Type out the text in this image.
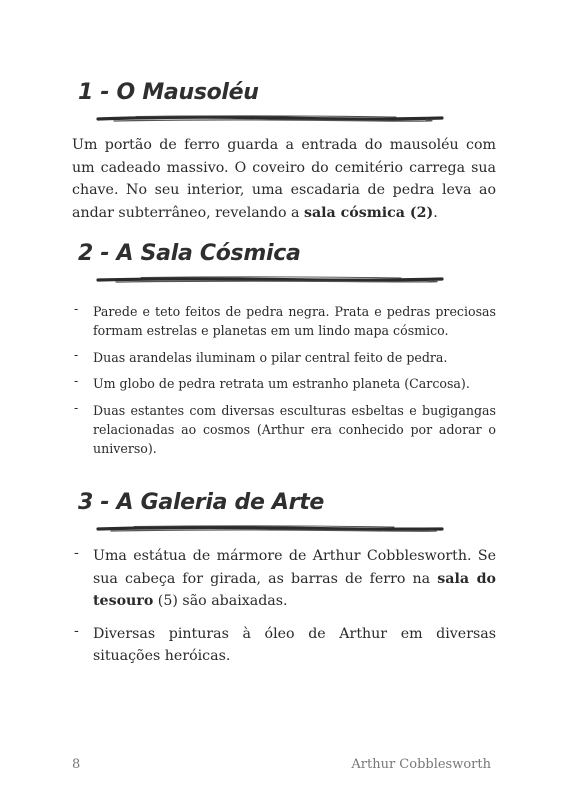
1 - O Mausoléu

Um portão de ferro guarda a entrada do mausoléu com um cadeado massivo. O coveiro do cemitério carrega sua chave. No seu interior, uma escadaria de pedra leva ao andar subterrâneo, revelando a sala cósmica (2).

2 - A Sala Cósmica
- Parede e teto feitos de pedra negra. Prata e pedras preciosas formam estrelas e planetas em um lindo mapa cósmico.
- Duas arandelas iluminam o pilar central feito de pedra.
- Um globo de pedra retrata um estranho planeta (Carcosa).
- Duas estantes com diversas esculturas esbeltas e bugigangas relacionadas ao cosmos (Arthur era conhecido por adorar o universo).
3 - A Galeria de Arte
- Uma estátua de mármore de Arthur Cobblesworth. Se sua cabeça for girada, as barras de ferro na sala do tesouro (5) são abaixadas.
- Diversas pinturas à óleo de Arthur em diversas situações heróicas.
8	Arthur Cobblesworth
